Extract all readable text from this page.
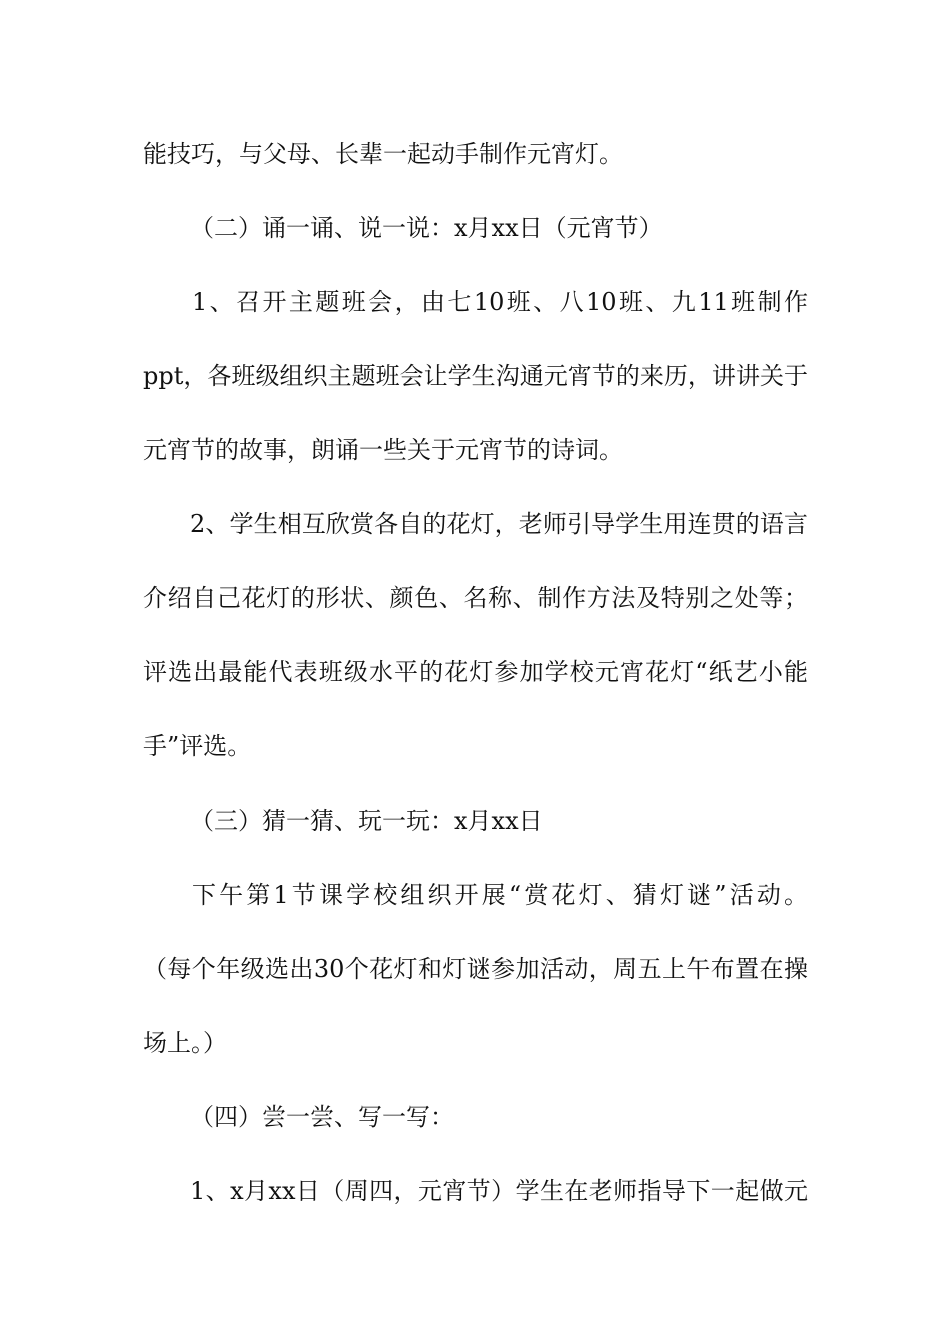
能技巧，与父母、长辈一起动手制作元宵灯。
（二）诵一诵、说一说：x月xx日（元宵节）
1、召开主题班会，由七10班、八10班、九11班制作
ppt，各班级组织主题班会让学生沟通元宵节的来历，讲讲关于
元宵节的故事，朗诵一些关于元宵节的诗词。
2、学生相互欣赏各自的花灯，老师引导学生用连贯的语言
介绍自己花灯的形状、颜色、名称、制作方法及特别之处等；
评选出最能代表班级水平的花灯参加学校元宵花灯“纸艺小能
手”评选。
（三）猜一猜、玩一玩：x月xx日
下午第1节课学校组织开展“赏花灯、猜灯谜”活动。
（每个年级选出30个花灯和灯谜参加活动，周五上午布置在操
场上。）
（四）尝一尝、写一写：
1、x月xx日（周四，元宵节）学生在老师指导下一起做元
